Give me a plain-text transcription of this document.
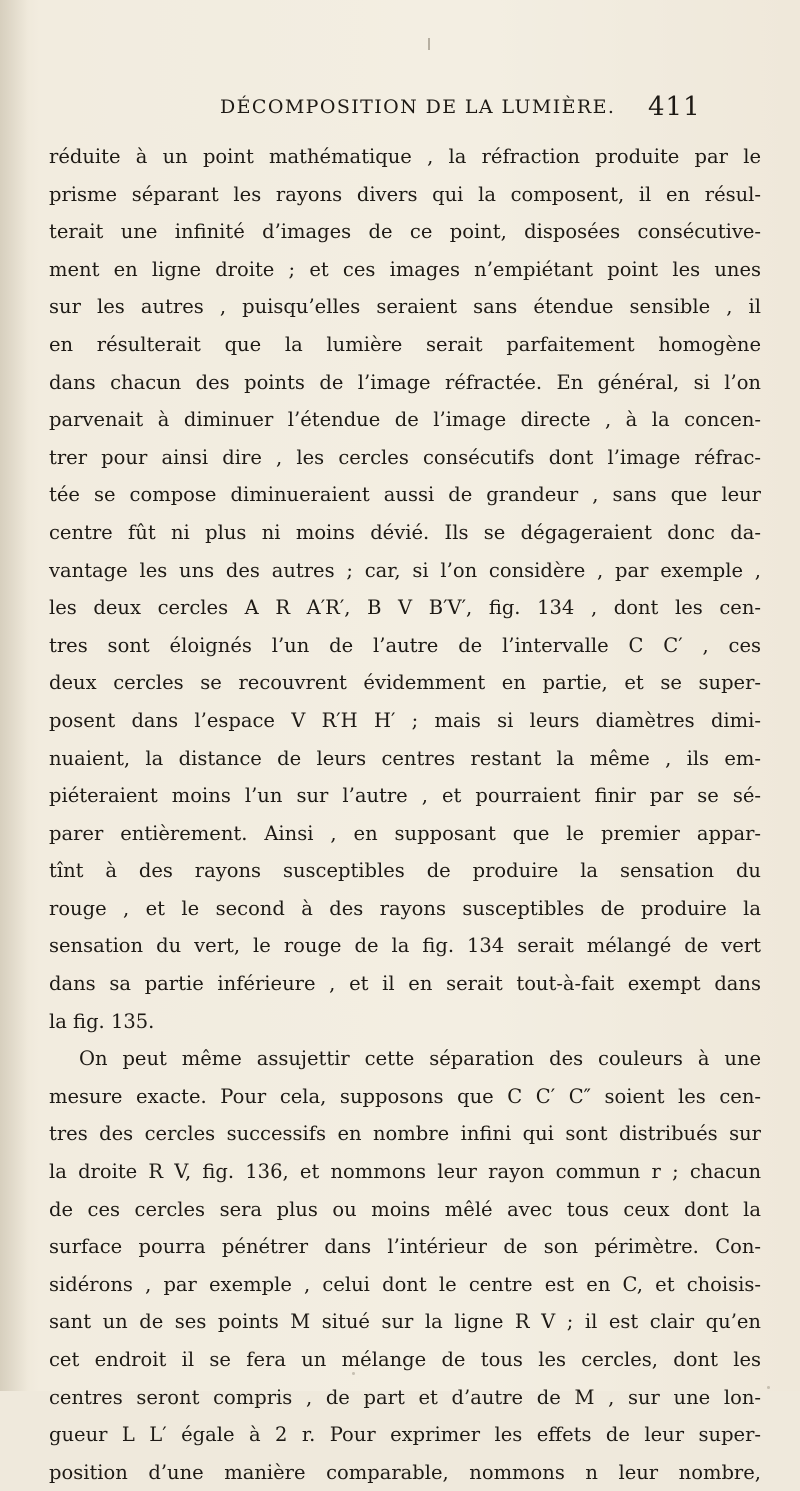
DÉCOMPOSITION DE LA LUMIÈRE. 411
réduite à un point mathématique , la réfraction produite par le
prisme séparant les rayons divers qui la composent, il en résul-
terait une infinité d’images de ce point, disposées consécutive-
ment en ligne droite ; et ces images n’empiétant point les unes
sur les autres , puisqu’elles seraient sans étendue sensible , il
en résulterait que la lumière serait parfaitement homogène
dans chacun des points de l’image réfractée. En général, si l’on
parvenait à diminuer l’étendue de l’image directe , à la concen-
trer pour ainsi dire , les cercles consécutifs dont l’image réfrac-
tée se compose diminueraient aussi de grandeur , sans que leur
centre fût ni plus ni moins dévié. Ils se dégageraient donc da-
vantage les uns des autres ; car, si l’on considère , par exemple ,
les deux cercles A R A′R′, B V B′V′, fig. 134 , dont les cen-
tres sont éloignés l’un de l’autre de l’intervalle C C′ , ces
deux cercles se recouvrent évidemment en partie, et se super-
posent dans l’espace V R′H H′ ; mais si leurs diamètres dimi-
nuaient, la distance de leurs centres restant la même , ils em-
piéteraient moins l’un sur l’autre , et pourraient finir par se sé-
parer entièrement. Ainsi , en supposant que le premier appar-
tînt à des rayons susceptibles de produire la sensation du
rouge , et le second à des rayons susceptibles de produire la
sensation du vert, le rouge de la fig. 134 serait mélangé de vert
dans sa partie inférieure , et il en serait tout-à-fait exempt dans
la fig. 135.
On peut même assujettir cette séparation des couleurs à une
mesure exacte. Pour cela, supposons que C C′ C″ soient les cen-
tres des cercles successifs en nombre infini qui sont distribués sur
la droite R V, fig. 136, et nommons leur rayon commun r ; chacun
de ces cercles sera plus ou moins mêlé avec tous ceux dont la
surface pourra pénétrer dans l’intérieur de son périmètre. Con-
sidérons , par exemple , celui dont le centre est en C, et choisis-
sant un de ses points M situé sur la ligne R V ; il est clair qu’en
cet endroit il se fera un mélange de tous les cercles, dont les
centres seront compris , de part et d’autre de M , sur une lon-
gueur L L′ égale à 2 r. Pour exprimer les effets de leur super-
position d’une manière comparable, nommons n leur nombre,
